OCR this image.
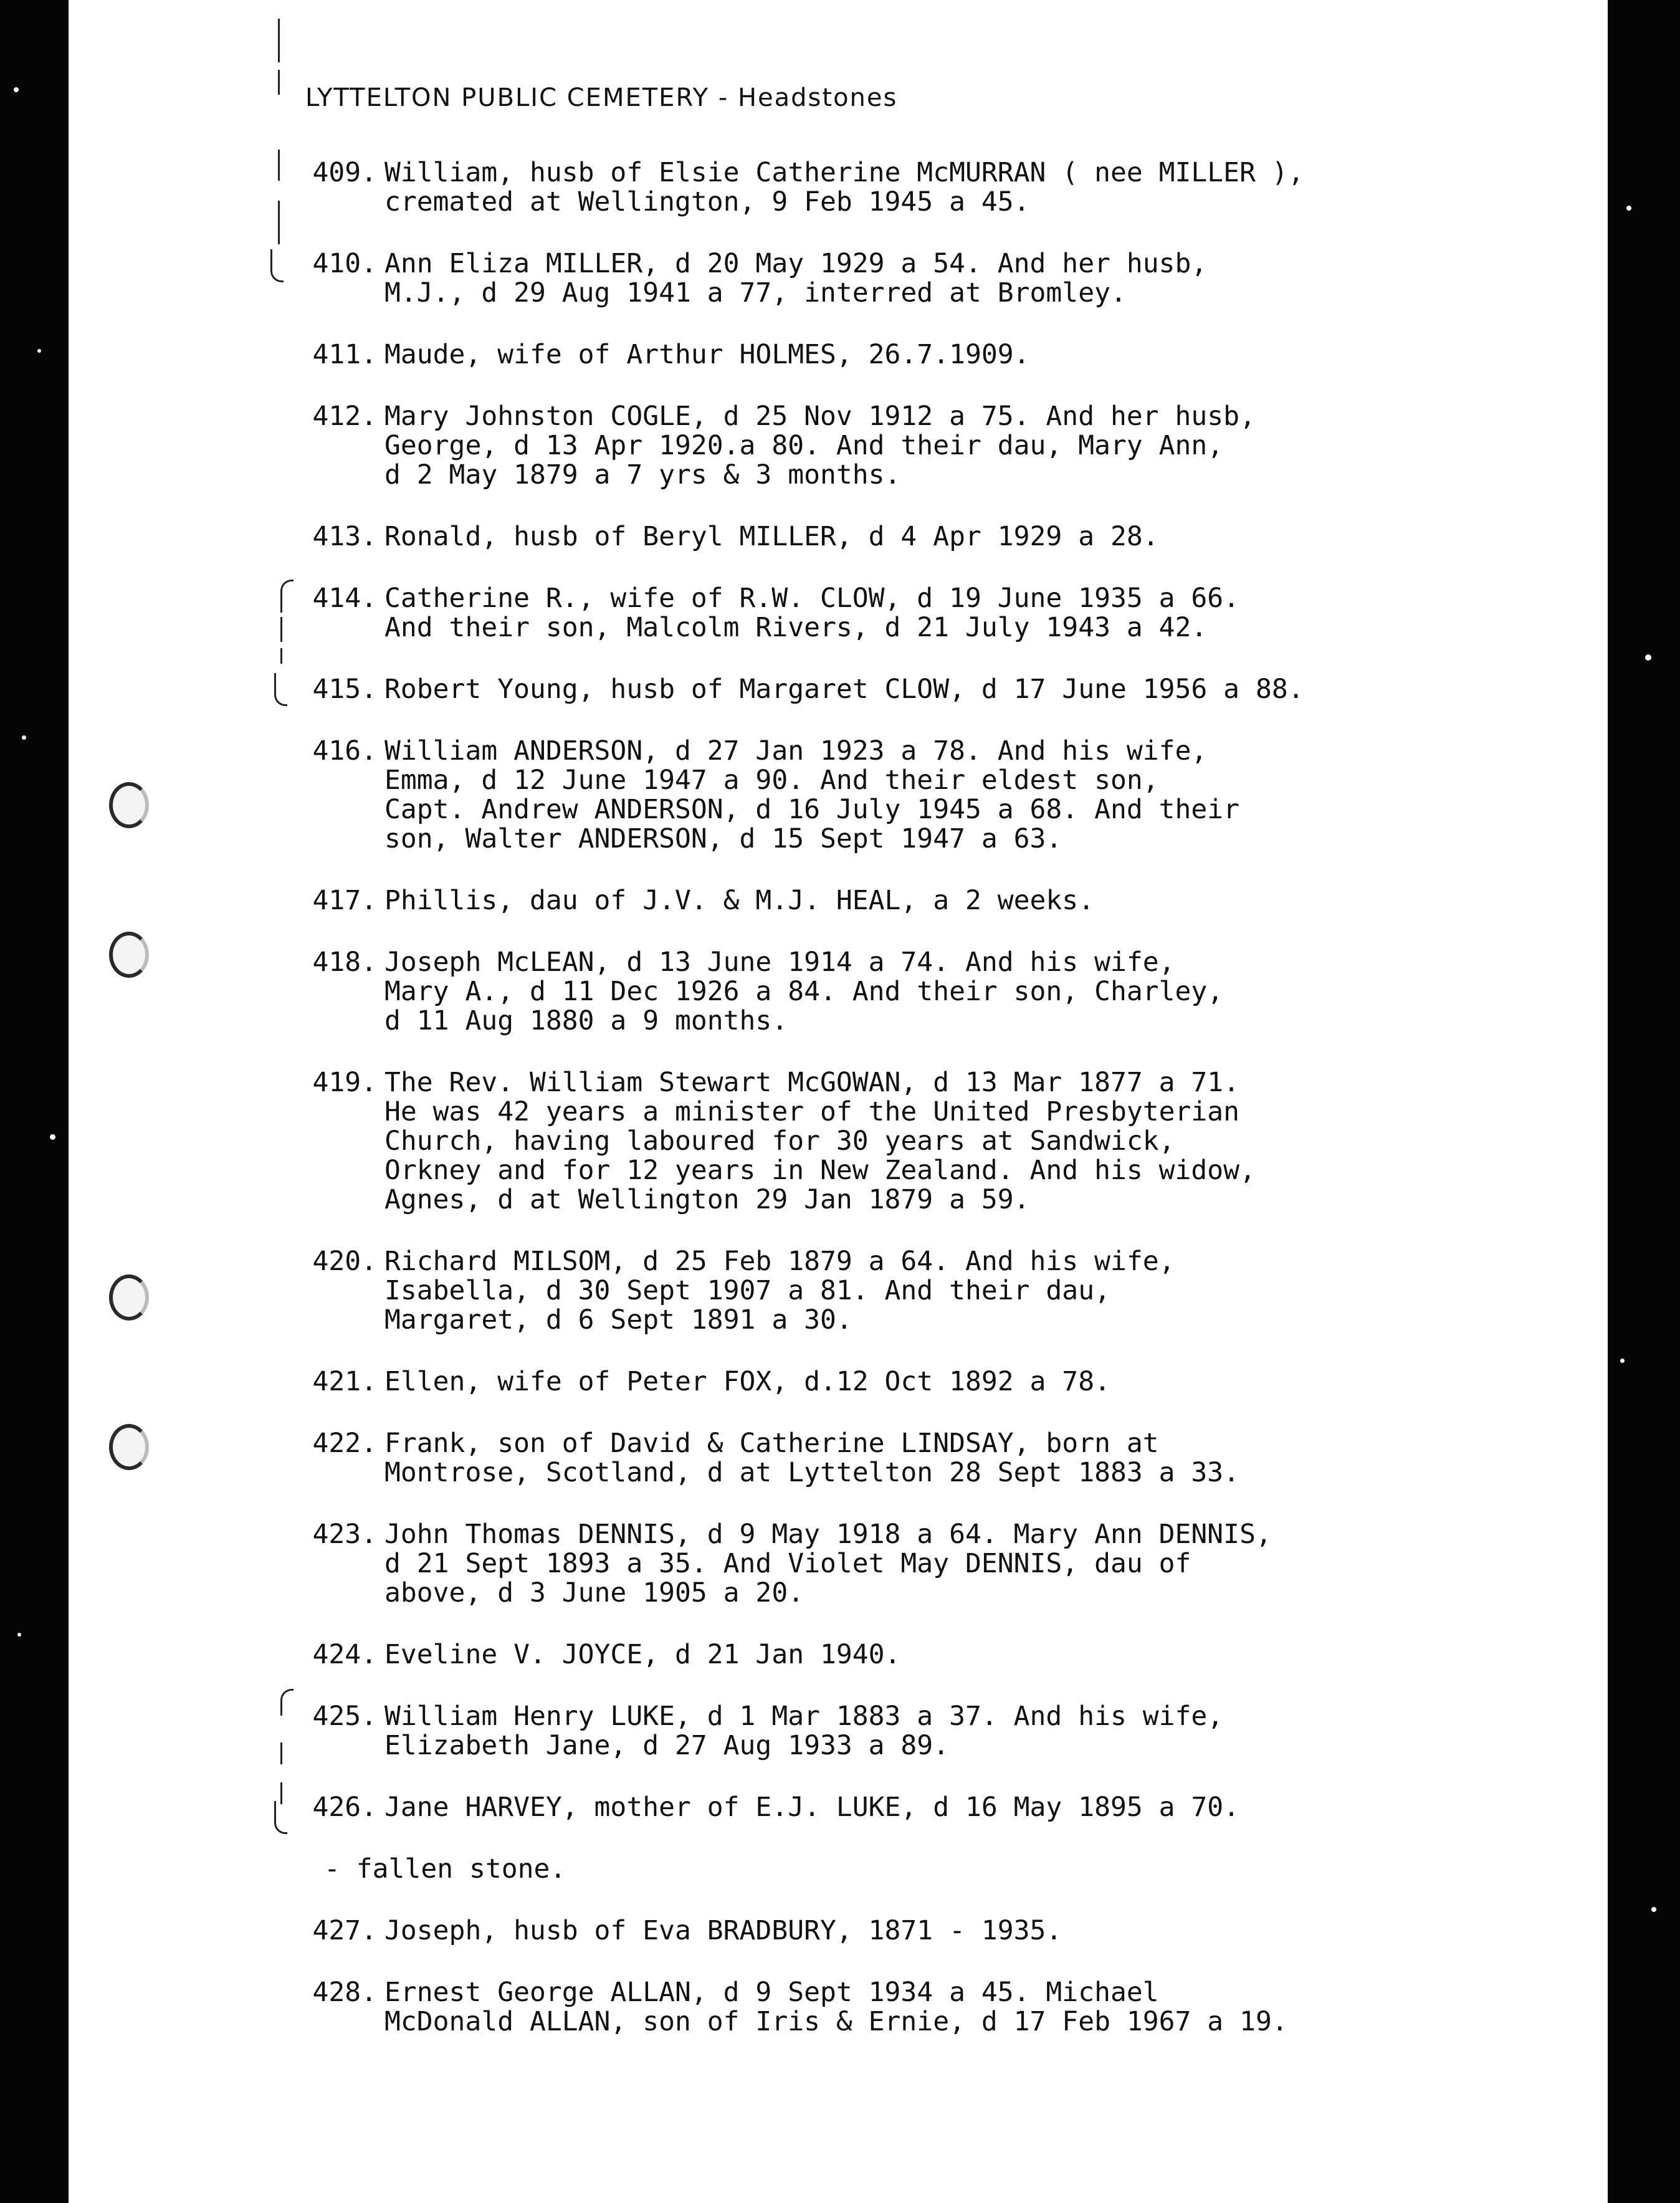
LYTTELTON PUBLIC CEMETERY - Headstones
409. William, husb of Elsie Catherine McMURRAN ( nee MILLER ),
cremated at Wellington, 9 Feb 1945 a 45.
410. Ann Eliza MILLER, d 20 May 1929 a 54. And her husb,
M.J., d 29 Aug 1941 a 77, interred at Bromley.
411. Maude, wife of Arthur HOLMES, 26.7.1909.
412. Mary Johnston COGLE, d 25 Nov 1912 a 75. And her husb,
George, d 13 Apr 1920.a 80. And their dau, Mary Ann,
d 2 May 1879 a 7 yrs & 3 months.
413. Ronald, husb of Beryl MILLER, d 4 Apr 1929 a 28.
414. Catherine R., wife of R.W. CLOW, d 19 June 1935 a 66.
And their son, Malcolm Rivers, d 21 July 1943 a 42.
415. Robert Young, husb of Margaret CLOW, d 17 June 1956 a 88.
416. William ANDERSON, d 27 Jan 1923 a 78. And his wife,
Emma, d 12 June 1947 a 90. And their eldest son,
Capt. Andrew ANDERSON, d 16 July 1945 a 68. And their
son, Walter ANDERSON, d 15 Sept 1947 a 63.
417. Phillis, dau of J.V. & M.J. HEAL, a 2 weeks.
418. Joseph McLEAN, d 13 June 1914 a 74. And his wife,
Mary A., d 11 Dec 1926 a 84. And their son, Charley,
d 11 Aug 1880 a 9 months.
419. The Rev. William Stewart McGOWAN, d 13 Mar 1877 a 71.
He was 42 years a minister of the United Presbyterian
Church, having laboured for 30 years at Sandwick,
Orkney and for 12 years in New Zealand. And his widow,
Agnes, d at Wellington 29 Jan 1879 a 59.
420. Richard MILSOM, d 25 Feb 1879 a 64. And his wife,
Isabella, d 30 Sept 1907 a 81. And their dau,
Margaret, d 6 Sept 1891 a 30.
421. Ellen, wife of Peter FOX, d.12 Oct 1892 a 78.
422. Frank, son of David & Catherine LINDSAY, born at
Montrose, Scotland, d at Lyttelton 28 Sept 1883 a 33.
423. John Thomas DENNIS, d 9 May 1918 a 64. Mary Ann DENNIS,
d 21 Sept 1893 a 35. And Violet May DENNIS, dau of
above, d 3 June 1905 a 20.
424. Eveline V. JOYCE, d 21 Jan 1940.
425. William Henry LUKE, d 1 Mar 1883 a 37. And his wife,
Elizabeth Jane, d 27 Aug 1933 a 89.
426. Jane HARVEY, mother of E.J. LUKE, d 16 May 1895 a 70.
- fallen stone.
427. Joseph, husb of Eva BRADBURY, 1871 - 1935.
428. Ernest George ALLAN, d 9 Sept 1934 a 45. Michael
McDonald ALLAN, son of Iris & Ernie, d 17 Feb 1967 a 19.
